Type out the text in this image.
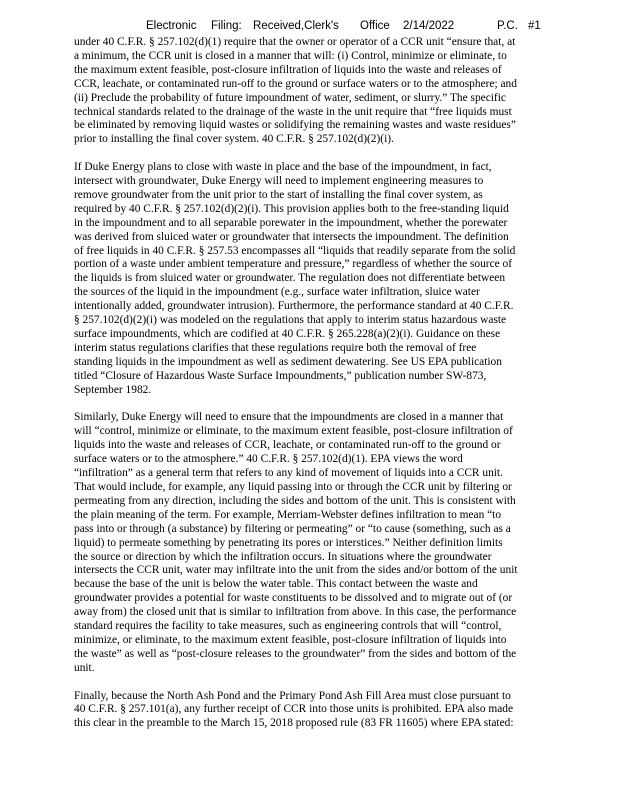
Electronic Filing: Received,Clerk's Office 2/14/2022	P.C. #1
under 40 C.F.R. § 257.102(d)(1) require that the owner or operator of a CCR unit “ensure that, at
a minimum, the CCR unit is closed in a manner that will: (i) Control, minimize or eliminate, to
the maximum extent feasible, post-closure infiltration of liquids into the waste and releases of
CCR, leachate, or contaminated run-off to the ground or surface waters or to the atmosphere; and
(ii) Preclude the probability of future impoundment of water, sediment, or slurry.” The specific
technical standards related to the drainage of the waste in the unit require that “free liquids must
be eliminated by removing liquid wastes or solidifying the remaining wastes and waste residues”
prior to installing the final cover system. 40 C.F.R. § 257.102(d)(2)(i).
If Duke Energy plans to close with waste in place and the base of the impoundment, in fact,
intersect with groundwater, Duke Energy will need to implement engineering measures to
remove groundwater from the unit prior to the start of installing the final cover system, as
required by 40 C.F.R. § 257.102(d)(2)(i). This provision applies both to the free-standing liquid
in the impoundment and to all separable porewater in the impoundment, whether the porewater
was derived from sluiced water or groundwater that intersects the impoundment. The definition
of free liquids in 40 C.F.R. § 257.53 encompasses all “liquids that readily separate from the solid
portion of a waste under ambient temperature and pressure,” regardless of whether the source of
the liquids is from sluiced water or groundwater. The regulation does not differentiate between
the sources of the liquid in the impoundment (e.g., surface water infiltration, sluice water
intentionally added, groundwater intrusion). Furthermore, the performance standard at 40 C.F.R.
§ 257.102(d)(2)(i) was modeled on the regulations that apply to interim status hazardous waste
surface impoundments, which are codified at 40 C.F.R. § 265.228(a)(2)(i). Guidance on these
interim status regulations clarifies that these regulations require both the removal of free
standing liquids in the impoundment as well as sediment dewatering. See US EPA publication
titled “Closure of Hazardous Waste Surface Impoundments,” publication number SW-873,
September 1982.
Similarly, Duke Energy will need to ensure that the impoundments are closed in a manner that
will “control, minimize or eliminate, to the maximum extent feasible, post-closure infiltration of
liquids into the waste and releases of CCR, leachate, or contaminated run-off to the ground or
surface waters or to the atmosphere.” 40 C.F.R. § 257.102(d)(1). EPA views the word
“infiltration” as a general term that refers to any kind of movement of liquids into a CCR unit.
That would include, for example, any liquid passing into or through the CCR unit by filtering or
permeating from any direction, including the sides and bottom of the unit. This is consistent with
the plain meaning of the term. For example, Merriam-Webster defines infiltration to mean “to
pass into or through (a substance) by filtering or permeating” or “to cause (something, such as a
liquid) to permeate something by penetrating its pores or interstices.” Neither definition limits
the source or direction by which the infiltration occurs. In situations where the groundwater
intersects the CCR unit, water may infiltrate into the unit from the sides and/or bottom of the unit
because the base of the unit is below the water table. This contact between the waste and
groundwater provides a potential for waste constituents to be dissolved and to migrate out of (or
away from) the closed unit that is similar to infiltration from above. In this case, the performance
standard requires the facility to take measures, such as engineering controls that will “control,
minimize, or eliminate, to the maximum extent feasible, post-closure infiltration of liquids into
the waste” as well as “post-closure releases to the groundwater” from the sides and bottom of the
unit.
Finally, because the North Ash Pond and the Primary Pond Ash Fill Area must close pursuant to
40 C.F.R. § 257.101(a), any further receipt of CCR into those units is prohibited. EPA also made
this clear in the preamble to the March 15, 2018 proposed rule (83 FR 11605) where EPA stated:
